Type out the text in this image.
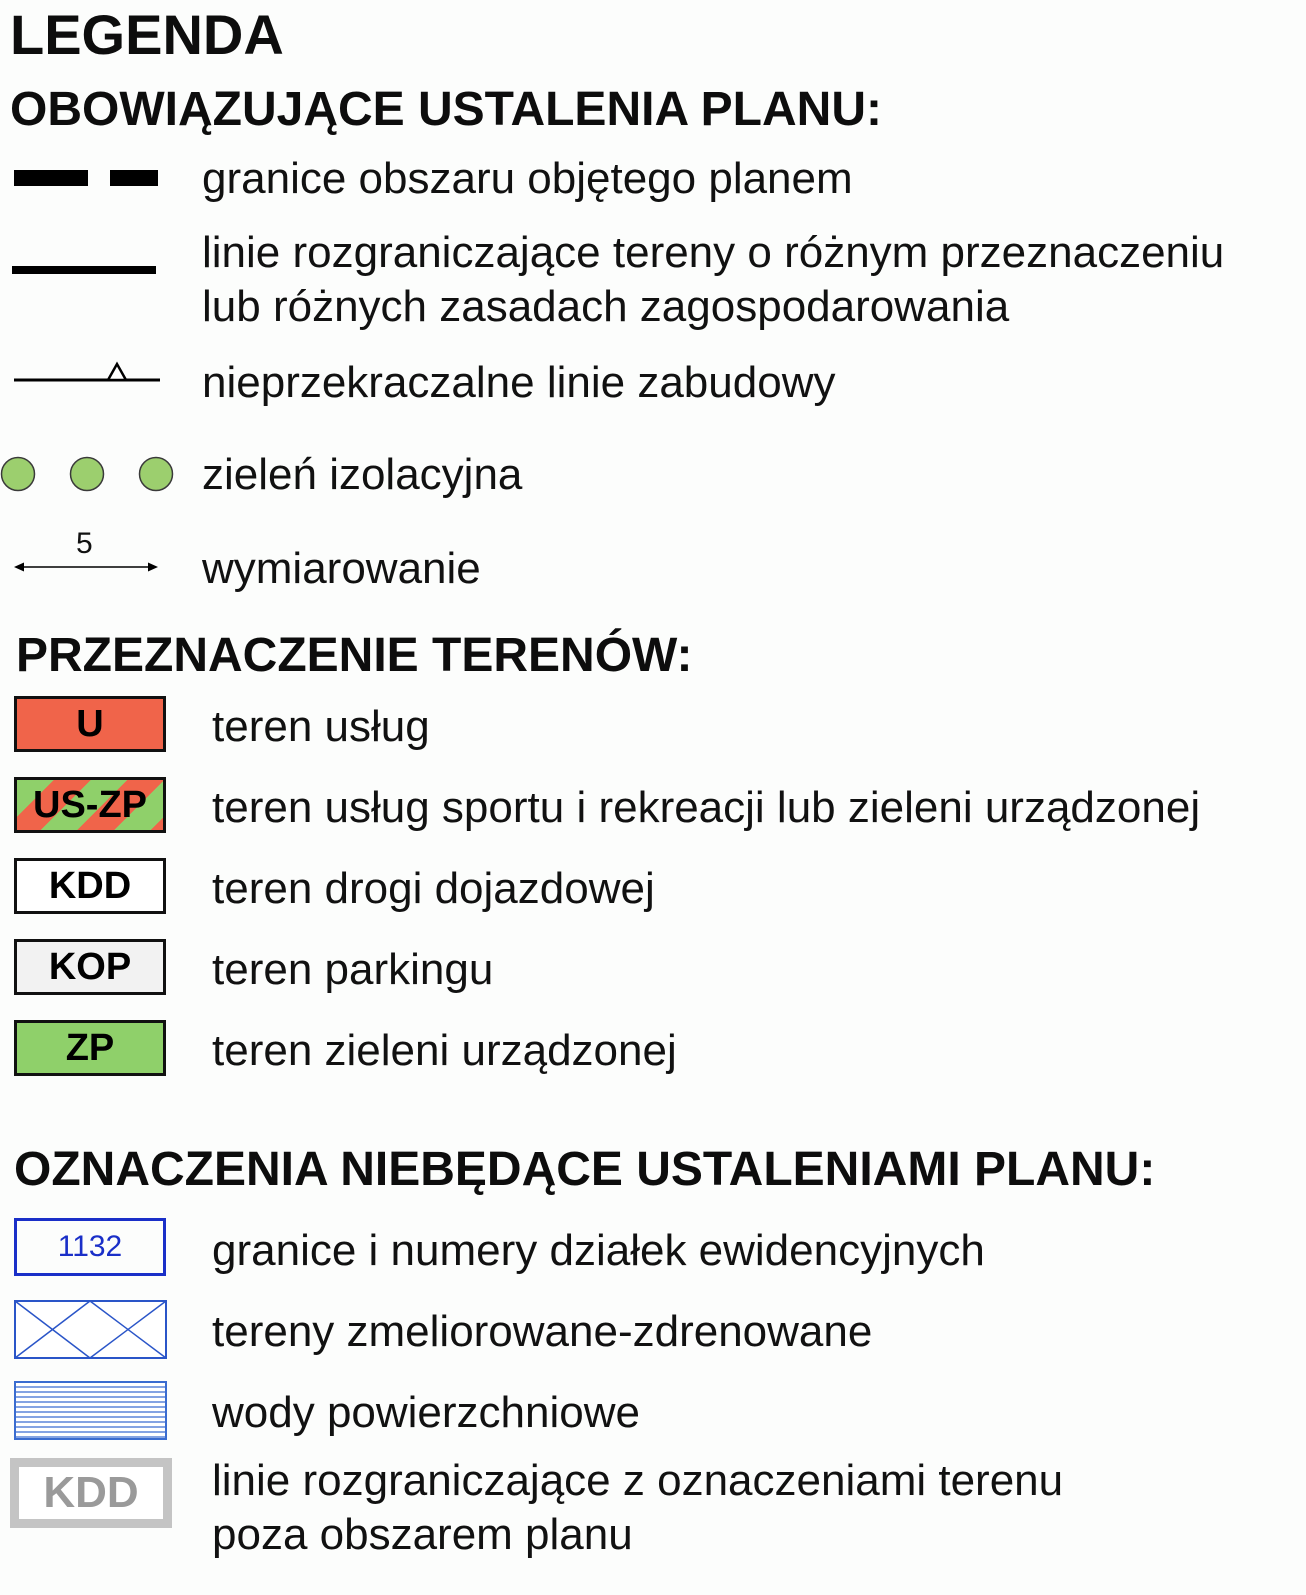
LEGENDA
OBOWIĄZUJĄCE USTALENIA PLANU:
granice obszaru objętego planem
linie rozgraniczające tereny o różnym przeznaczeniu
lub różnych zasadach zagospodarowania
nieprzekraczalne linie zabudowy
zieleń izolacyjna
5
wymiarowanie
PRZEZNACZENIE TERENÓW:
U teren usług
US-ZP teren usług sportu i rekreacji lub zieleni urządzonej
KDD teren drogi dojazdowej
KOP teren parkingu
ZP teren zieleni urządzonej
OZNACZENIA NIEBĘDĄCE USTALENIAMI PLANU:
1132 granice i numery działek ewidencyjnych
tereny zmeliorowane-zdrenowane
wody powierzchniowe
KDD linie rozgraniczające z oznaczeniami terenu
poza obszarem planu
